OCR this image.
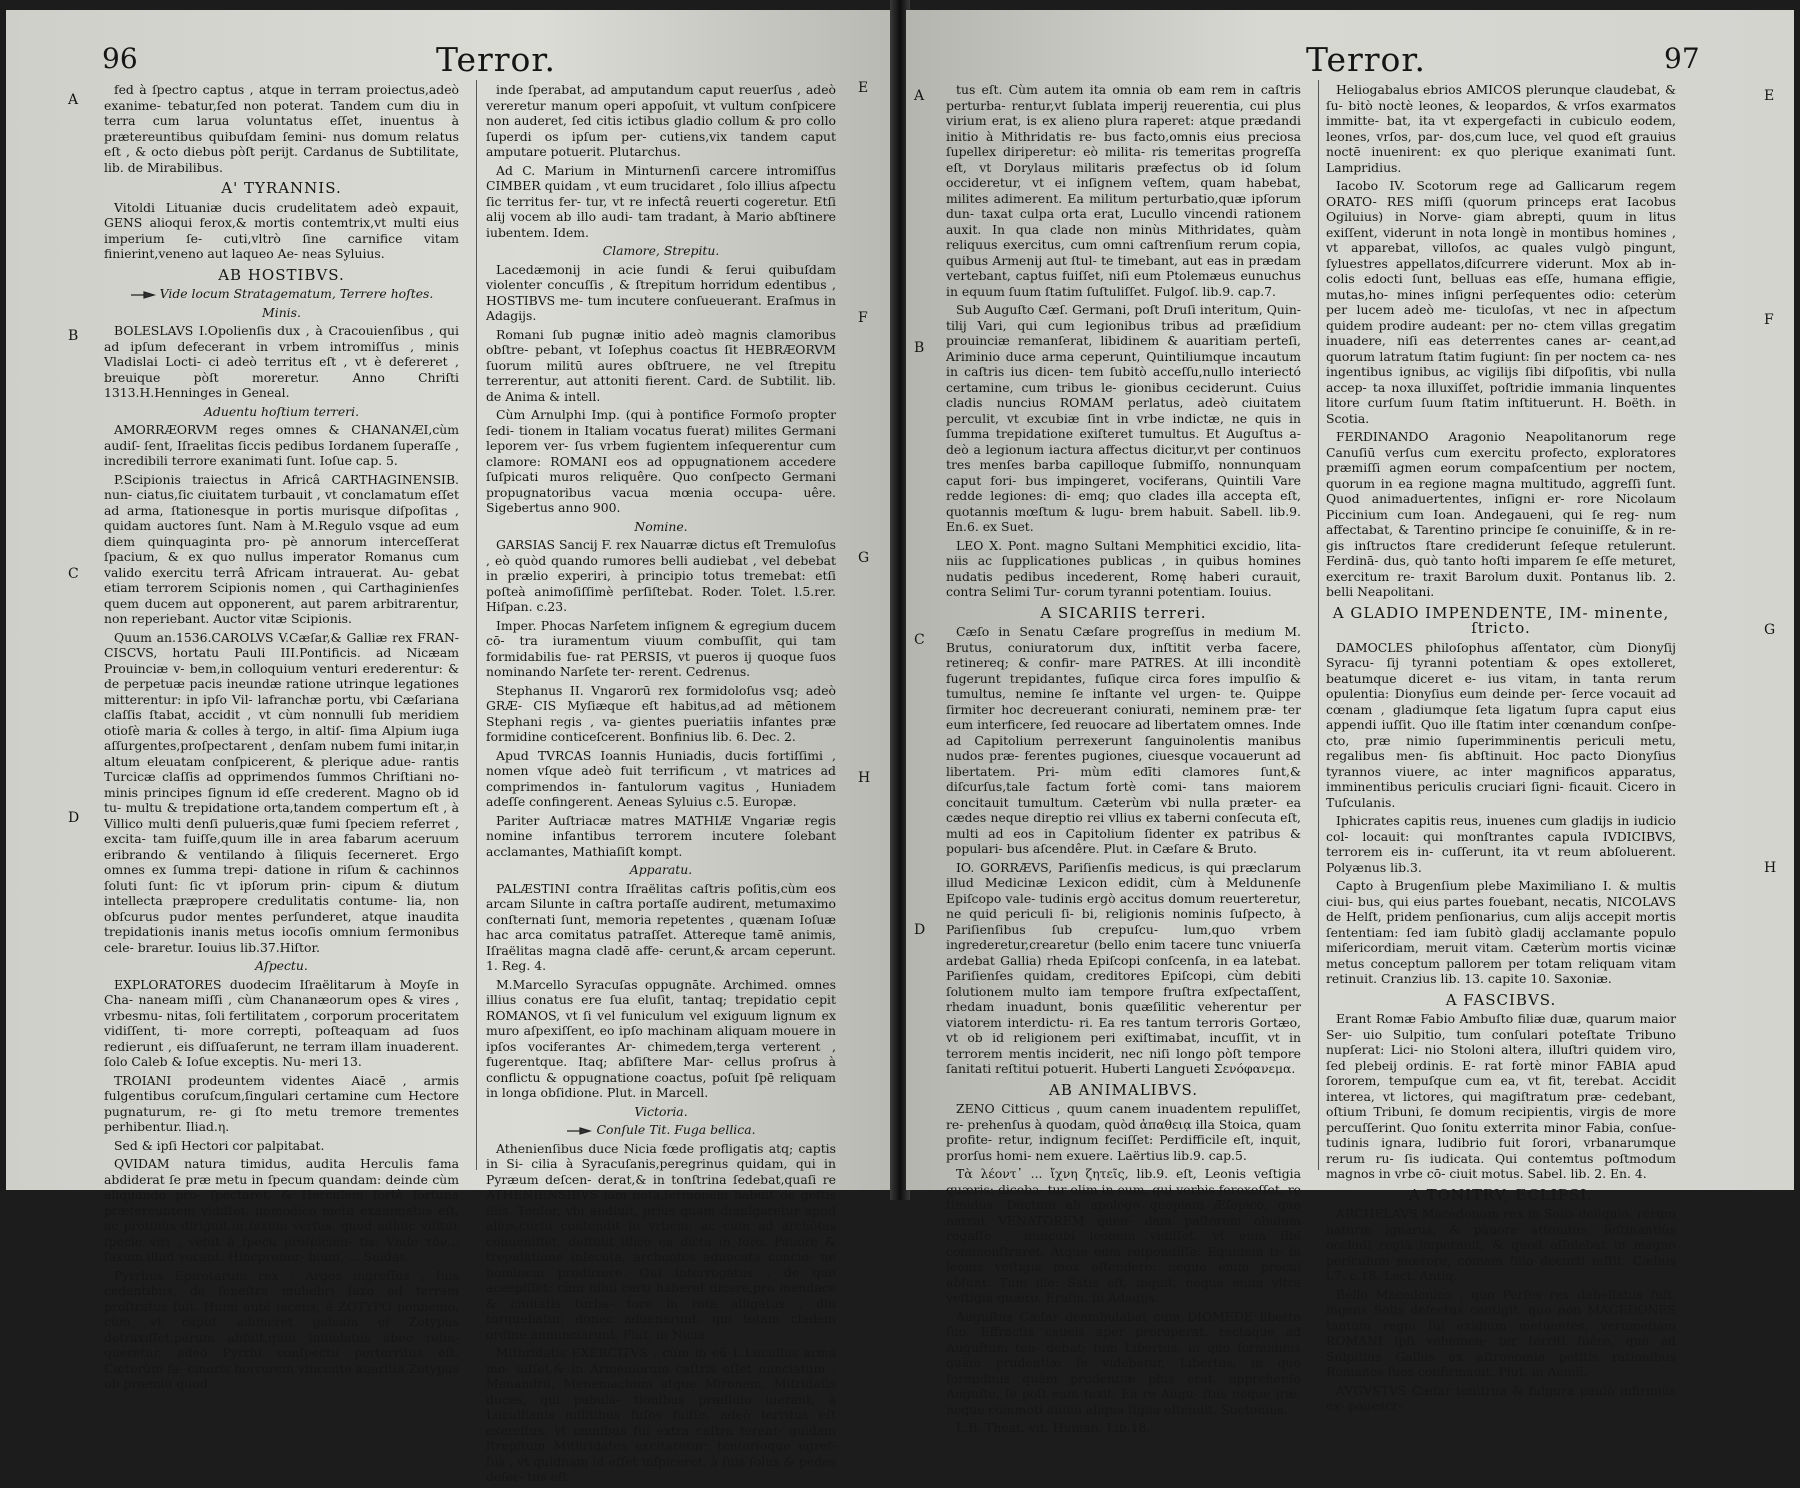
96	Terror.

fed à ſpectro captus , atque in terram proiectus,adeò exanime- tebatur,ſed non poterat. Tandem cum diu in terra cum larua voluntatus eſſet, inuentus à prætereuntibus quibuſdam ſemini- nus domum relatus eſt , & octo diebus pòſt perijt. Cardanus de Subtilitate, lib. de Mirabilibus.

A' TYRANNIS.

Vitoldi Lituaniæ ducis crudelitatem adeò expauit, GENS alioqui ferox,& mortis contemtrix,vt multi eius imperium ſe- cuti,vltrò ſine carnifice vitam finierint,veneno aut laqueo Ae- neas Syluius.

AB HOSTIBVS.
Vide locum Stratagematum, Terrere hoſtes.
Minis.

BOLESLAVS I.Opolienſis dux , à Cracouienſibus , qui ad ipſum defecerant in vrbem intromiſſus , minis Vladislai Locti- ci adeò territus eſt , vt è defereret , breuique pòſt moreretur. Anno Chriſti 1313.H.Henninges in Geneal.

Aduentu hoſtium terreri.

AMORRÆORVM reges omnes & CHANANÆI,cùm audiſ- ſent, Iſraelitas ſiccis pedibus Iordanem ſuperaſſe , incredibili terrore exanimati ſunt. Ioſue cap. 5.

P.Scipionis traiectus in Africâ CARTHAGINENSIB. nun- ciatus,ſic ciuitatem turbauit , vt conclamatum eſſet ad arma, ſtationesque in portis murisque diſpoſitas , quidam auctores ſunt. Nam à M.Regulo vsque ad eum diem quinquaginta pro- pè annorum interceſſerat ſpacium, & ex quo nullus imperator Romanus cum valido exercitu terrâ Africam intrauerat. Au- gebat etiam terrorem Scipionis nomen , qui Carthaginienſes quem ducem aut opponerent, aut parem arbitrarentur, non reperiebant. Auctor vitæ Scipionis.

Quum an.1536.CAROLVS V.Cæſar,& Galliæ rex FRAN- CISCVS, hortatu Pauli III.Pontificis. ad Nicæam Prouinciæ v- bem,in colloquium venturi erederentur: & de perpetuæ pacis ineundæ ratione utrinque legationes mitterentur: in ipſo Vil- lafranchæ portu, vbi Cæſariana claſſis ſtabat, accidit , vt cùm nonnulli ſub meridiem otioſè maria & colles à tergo, in altiſ- ſima Alpium iuga aſſurgentes,proſpectarent , denſam nubem fumi initar,in altum eleuatam conſpicerent, & plerique adue- rantis Turcicæ claſſis ad opprimendos ſummos Chriſtiani no- minis principes ſignum id eſſe crederent. Magno ob id tu- multu & trepidatione orta,tandem compertum eſt , à Villico multi denſi pulueris,quæ fumi ſpeciem referret , excita- tam fuiſſe,quum ille in area fabarum aceruum eribrando & ventilando à ſiliquis ſecerneret. Ergo omnes ex ſumma trepi- datione in riſum & cachinnos ſoluti ſunt: ſic vt ipſorum prin- cipum & diutum intellecta præpropere credulitatis contume- lia, non obſcurus pudor mentes perſunderet, atque inaudita trepidationis inanis metus iocoſis omnium ſermonibus cele- braretur. Iouius lib.37.Hiſtor.

Aſpectu.

EXPLORATORES duodecim Iſraëlitarum à Moyſe in Cha- naneam miſſi , cùm Chananæorum opes & vires , vrbesmu- nitas, ſoli fertilitatem , corporum proceritatem vidiſſent, ti- more correpti, poſteaquam ad ſuos redierunt , eis diſſuaſerunt, ne terram illam inuaderent. ſolo Caleb & Ioſue exceptis. Nu- meri 13.

TROIANI prodeuntem videntes Aiacē , armis fulgentibus coruſcum,ſingulari certamine cum Hectore pugnaturum, re- gi ſto metu tremore trementes perhibentur. Iliad.η.

Sed & ipſi Hectori cor palpitabat.

QVIDAM natura timidus, audita Herculis fama abdiderat ſe præ metu in ſpecum quandam: deinde cùm aliquando pro- ſpectaret, & Herculem fortè fortuna prætereuntem vidiſſet, immodico metu exanimatus eſt, ac protinùs diriguit,in ſaxum verſus, quod adhuc viſitur ſpecie viri , velut à ſpecu proſpicien- tis. Vnde τὸν... ſaxum illud vocant. Hincproner- bium, ... Suidas.

Pyrrhus Epirotarum rex , Argos ingreſſus , fuis cedentibus, de feneſtra muliebri ſaxo ad terram proſtratus fuit. Humi autë iacens, à ZOTYPO nonnemo, cùm vt caput adimeret galeam ei Zotypus detraxiſſet,parum abfuit,quin inuiolatus abeo relin- queretur, adeò Pyrrhi conſpectu perterritus eſt. Cæterùm fa- cinoris horrorem vincente auaritia,Zotypus ob præmiū quod

inde ſperabat, ad amputandum caput reuerſus , adeò vereretur manum operi appoſuit, vt vultum conſpicere non auderet, ſed citis ictibus gladio collum & pro collo ſuperdi os ipſum per- cutiens,vix tandem caput amputare potuerit. Plutarchus.

Ad C. Marium in Minturnenſi carcere intromiſſus CIMBER quidam , vt eum trucidaret , ſolo illius aſpectu ſic territus fer- tur, vt re infectâ reuerti cogeretur. Etſi alij vocem ab illo audi- tam tradant, à Mario abſtinere iubentem. Idem.

Clamore, Strepitu.

Lacedæmonij in acie ſundi & ſerui quibuſdam violenter concuſſis , & ſtrepitum horridum edentibus , HOSTIBVS me- tum incutere conſueuerant. Eraſmus in Adagijs.

Romani ſub pugnæ initio adeò magnis clamoribus obſtre- pebant, vt Ioſephus coactus ſit HEBRÆORVM ſuorum militū aures obſtruere, ne vel ſtrepitu terrerentur, aut attoniti fierent. Card. de Subtilit. lib. de Anima & intell.

Cùm Arnulphi Imp. (qui à pontifice Formoſo propter ſedi- tionem in Italiam vocatus fuerat) milites Germani leporem ver- ſus vrbem fugientem inſequerentur cum clamore: ROMANI eos ad oppugnationem accedere ſuſpicati muros reliquêre. Quo conſpecto Germani propugnatoribus vacua mœnia occupa- uêre. Sigebertus anno 900.

Nomine.

GARSIAS Sancij F. rex Nauarræ dictus eſt Tremuloſus , eò quòd quando rumores belli audiebat , vel debebat in prælio experiri, à principio totus tremebat: etſi poſteà animoſiſſimè perſiſtebat. Roder. Tolet. l.5.rer. Hiſpan. c.23.

Imper. Phocas Narſetem inſignem & egregium ducem cō- tra iuramentum viuum combuſſit, qui tam formidabilis fue- rat PERSIS, vt pueros ij quoque ſuos nominando Narſete ter- rerent. Cedrenus.

Stephanus II. Vngarorū rex formidoloſus vsq; adeò GRÆ- CIS Myſiæque eſt habitus,ad ad mētionem Stephani regis , va- gientes pueriatiis infantes præ formidine conticeſcerent. Bonfinius lib. 6. Dec. 2.

Apud TVRCAS Ioannis Huniadis, ducis fortiſſimi , nomen vſque adeò fuit terrificum , vt matrices ad comprimendos in- fantulorum vagitus , Huniadem adeſſe confingerent. Aeneas Syluius c.5. Europæ.

Pariter Auſtriacæ matres MATHIÆ Vngariæ regis nomine infantibus terrorem incutere ſolebant acclamantes, Mathiaſiſt kompt.

Apparatu.

PALÆSTINI contra Iſraëlitas caſtris poſitis,cùm eos arcam Silunte in caſtra portaſſe audirent, metumaximo conſternati ſunt, memoria repetentes , quænam Ioſuæ hac arca comitatus patraſſet. Attereque tamē animis, Iſraëlitas magna cladē affe- cerunt,& arcam ceperunt. 1. Reg. 4.

M.Marcello Syracuſas oppugnāte. Archimed. omnes illius conatus ere ſua eluſit, tantaq; trepidatio cepit ROMANOS, vt ſi vel funiculum vel exiguum lignum ex muro aſpexiſſent, eo ipſo machinam aliquam mouere in ipſos vociferantes Ar- chimedem,terga verterent , fugerentque. Itaq; abſiſtere Mar- cellus proſrus à conflictu & oppugnatione coactus, poſuit ſpē reliquam in longa obſidione. Plut. in Marcell.

Victoria.
Conſule Tit. Fuga bellica.

Athenienſibus duce Nicia fœde profligatis atq; captis in Si- cilia à Syracuſanis,peregrinus quidam, qui in Pyræum deſcen- derat,& in tonſtrina ſedebat,quaſi re ATHENIENSIBVS iam nota,ſermonem habuit de geſtis illis. Tonſor, vbi audiuit, priùs quàm diuulgaretur apud alios,curſu contendit in vrbem: ac cùm ad archōtas conueniſſet, deſtulit illico ea dicta in foro. Pauore & trepidatione inſecuta, archontes aduocata concio- ne hominem produxere. Qui interrogatus , de quo aceepiſſet: cùm nihil certi haberet dicere,pro mendace & ciuitatis turba- tore in rota alligatus , diu torquebatur, donec aduenerunt, qui totam cladem ordine annunciarunt. Plut. in Nicia.

Mithridatis EXERCITVS , cùm in eū L.Lucullus arma mo- uiſſet,& in Armeniorum caſtris eſſet nunciatum , Menandrū, Menemachum atque Mironem, Mitridatis duces, qui pabula- tionibus præſidio iuerant, à Lucullianis militibus fuſos fuiſſe, adeò territus eſt exercitus, vt omnibus fui extra caſtra ferent- quidam ſtrepitum Mithridates excitaretur: tentorioque egreſ- ſus , vt quidnam id eſſet inſpiceret, à ſuis ſolus & pedes deſer- tus eſt.

A
B
C
D
E
F
G
H
Terror.	97

tus eſt. Cùm autem ita omnia ob eam rem in caſtris perturba- rentur,vt ſublata imperij reuerentia, cui plus virium erat, is ex alieno plura raperet: atque prædandi initio à Mithridatis re- bus facto,omnis eius preciosa ſupellex diriperetur: eò milita- ris temeritas progreſſa eſt, vt Dorylaus militaris præfectus ob id ſolum occideretur, vt ei inſignem veſtem, quam habebat, milites adimerent. Ea militum perturbatio,quæ ipſorum dun- taxat culpa orta erat, Lucullo vincendi rationem auxit. In qua clade non minùs Mithridates, quàm reliquus exercitus, cum omni caſtrenſium rerum copia, quibus Armenij aut ſtul- te timebant, aut eas in prædam vertebant, captus fuiſſet, niſi eum Ptolemæus eunuchus in equum ſuum ſtatim ſuſtuliſſet. Fulgoſ. lib.9. cap.7.

Sub Auguſto Cæſ. Germani, poſt Druſi interitum, Quin- tilij Vari, qui cum legionibus tribus ad præſidium prouinciæ remanſerat, libidinem & auaritiam perteſi, Ariminio duce arma ceperunt, Quintiliumque incautum in caſtris ius dicen- tem ſubitò acceſſu,nullo interiectó certamine, cum tribus le- gionibus ceciderunt. Cuius cladis nuncius ROMAM perlatus, adeò ciuitatem perculit, vt excubiæ ſint in vrbe indictæ, ne quis in ſumma trepidatione exiſteret tumultus. Et Auguſtus a- deò a legionum iactura affectus dicitur,vt per continuos tres menſes barba capilloque ſubmiſſo, nonnunquam caput fori- bus impingeret, vociferans, Quintili Vare redde legiones: di- emq; quo clades illa accepta eſt, quotannis mœſtum & lugu- brem habuit. Sabell. lib.9. En.6. ex Suet.

LEO X. Pont. magno Sultani Memphitici excidio, lita- niis ac ſupplicationes publicas , in quibus homines nudatis pedibus incederent, Romę haberi curauit, contra Selimi Tur- corum tyranni potentiam. Iouius.

A SICARIIS terreri.

Cæſo in Senatu Cæſare progreſſus in medium M. Brutus, coniuratorum dux, inſtitit verba facere, retinereq; & confir- mare PATRES. At illi inconditè fugerunt trepidantes, fuſique circa fores impulſio & tumultus, nemine ſe inſtante vel urgen- te. Quippe ſirmiter hoc decreuerant coniurati, neminem præ- ter eum interficere, ſed reuocare ad libertatem omnes. Inde ad Capitolium perrexerunt ſanguinolentis manibus nudos præ- ferentes pugiones, ciuesque vocauerunt ad libertatem. Pri- mùm edīti clamores ſunt,& diſcurſus,tale factum fortè comi- tans maiorem concitauit tumultum. Cæterùm vbi nulla præter- ea cædes neque direptio rei vllius ex taberni conſecuta eſt, multi ad eos in Capitolium ſidenter ex patribus & populari- bus aſcendêre. Plut. in Cæſare & Bruto.

IO. GORRÆVS, Pariſienſis medicus, is qui præclarum illud Medicinæ Lexicon edidit, cùm à Meldunenſe Epiſcopo vale- tudinis ergò accitus domum reuerteretur, ne quid periculi ſi- bi, religionis nominis ſuſpecto, à Pariſienſibus ſub crepuſcu- lum,quo vrbem ingrederetur,crearetur (bello enim tacere tunc vniuerſa ardebat Gallia) rheda Epiſcopi conſcenſa, in ea latebat. Pariſienſes quidam, creditores Epiſcopi, cùm debiti ſolutionem multo iam tempore fruſtra exſpectaſſent, rhedam inuadunt, bonis quæſilitic veherentur per viatorem interdictu- ri. Ea res tantum terroris Gortæo, vt ob id religionem peri exiſtimabat, incuſſit, vt in terrorem mentis inciderit, nec niſi longo pòſt tempore ſanitati reſtitui potuerit. Huberti Langueti Σενόφανεμα.

AB ANIMALIBVS.

ZENO Citticus , quum canem inuadentem repuliſſet, re- prehenſus à quodam, quòd ἀπαθειᾳ illa Stoica, quam profite- retur, indignum feciſſet: Perdifficile eſt, inquit, prorſus homi- nem exuere. Laërtius lib.9. cap.5.

Τὰ λέοντ᾽ ... ἴχνη ζητεῖς, lib.9. eſt, Leonis veſtigia quæris: diceba- tur olim in eum, qui verbis feroxeſſet, re timidus. Ductum ab apologo quopiam Æſopico, quo narrat VENATOREM quen- dam paſtorem obuium rogaſſe , nuncubi leonem vidiſſet, vt eum ſibi commonſtraret. Atque eum reſpondiſſe: Equidem ti- bi leonis veſtigia mox oſtendero: neque enim procul abſunt. Tum ille: Satis eſt, inquit, neque enim vltra veſtigia quæro. Eraſm. in Adagijs.

Auguſtus Cæſar deambulabat cum DIOMEDE liberto ſuo. Effractis caueis aper proruperat, rectaque ad Auguſtum ten- debat; tum Libertus, in quo formidinis quàm prudentiæ ſe videbatur, Libertus, in quo formidinis quàm prudentiæ plus erat, apprehenſo Auguſto, ſe poſt eum texit. Ea re Augu- ſtus neque iræ, neque commoti animi aliqua ſigna oſtendit. Suetonius.

L.B. Theat. vit. Human. Lib.18.

Heliogabalus ebrios AMICOS plerunque claudebat, & ſu- bitò noctè leones, & leopardos, & vrſos exarmatos immitte- bat, ita vt expergefacti in cubiculo eodem, leones, vrſos, par- dos,cum luce, vel quod eſt grauius noctē inuenirent: ex quo plerique exanimati ſunt. Lampridius.

Iacobo IV. Scotorum rege ad Gallicarum regem ORATO- RES miſſi (quorum princeps erat Iacobus Ogiluius) in Norve- giam abrepti, quum in litus exiſſent, viderunt in nota longè in montibus homines , vt apparebat, villoſos, ac quales vulgò pingunt, ſyluestres appellatos,diſcurrere viderunt. Mox ab in- colis edocti ſunt, belluas eas eſſe, humana effigie, mutas,ho- mines inſigni perſequentes odio: ceterùm per lucem adeò me- ticuloſas, vt nec in aſpectum quidem prodire audeant: per no- ctem villas gregatim inuadere, niſi eas deterrentes canes ar- ceant,ad quorum latratum ſtatim fugiunt: ſin per noctem ca- nes ingentibus ignibus, ac vigilijs ſibi diſpoſitis, vbi nulla accep- ta noxa illuxiſſet, poſtridie immania linquentes litore curſum ſuum ſtatim inſtituerunt. H. Boëth. in Scotia.

FERDINANDO Aragonio Neapolitanorum rege Canuſiū verſus cum exercitu profecto, exploratores præmiſſi agmen eorum compaſcentium per noctem, quorum in ea regione magna multitudo, aggreſſi ſunt. Quod animaduertentes, inſigni er- rore Nicolaum Piccinium cum Ioan. Andegaueni, qui ſe reg- num affectabat, & Tarentino principe ſe conuiniſſe, & in re- gis inſtructos ſtare crediderunt ſeſeque retulerunt. Ferdinā- dus, quò tanto hoſti imparem ſe eſſe meturet, exercitum re- traxit Barolum duxit. Pontanus lib. 2. belli Neapolitani.

A GLADIO IMPENDENTE, IM- minente, ſtricto.

DAMOCLES philoſophus aſſentator, cùm Dionyſij Syracu- ſij tyranni potentiam & opes extolleret, beatumque diceret e- ius vitam, in tanta rerum opulentia: Dionyſius eum deinde per- ſerce vocauit ad cœnam , gladiumque ſeta ligatum ſupra caput eius appendi iuſſit. Quo ille ſtatim inter cœnandum conſpe- cto, præ nimio ſuperimminentis periculi metu, regalibus men- ſis abſtinuit. Hoc pacto Dionyſius tyrannos viuere, ac inter magnificos apparatus, imminentibus periculis cruciari ſigni- ficauit. Cicero in Tuſculanis.

Iphicrates capitis reus, inuenes cum gladijs in iudicio col- locauit: qui monſtrantes capula IVDICIBVS, terrorem eis in- cuſſerunt, ita vt reum abſoluerent. Polyænus lib.3.

Capto à Brugenſium plebe Maximiliano I. & multis ciui- bus, qui eius partes fouebant, necatis, NICOLAVS de Helſt, pridem penſionarius, cum alijs accepit mortis ſententiam: ſed iam ſubitò gladij acclamante populo miſericordiam, meruit vitam. Cæterùm mortis vicinæ metus conceptum pallorem per totam reliquam vitam retinuit. Cranzius lib. 13. capite 10. Saxoniæ.

A FASCIBVS.

Erant Romæ Fabio Ambuſto filiæ duæ, quarum maior Ser- uio Sulpitio, tum conſulari poteſtate Tribuno nupſerat: Lici- nio Stoloni altera, illuſtri quidem viro, ſed plebeij ordinis. E- rat fortè minor FABIA apud ſororem, tempuſque cum ea, vt fit, terebat. Accidit interea, vt lictores, qui magiſtratum præ- cedebant, oſtium Tribuni, ſe domum recipientis, virgis de more percuſſerint. Quo ſonitu exterrita minor Fabia, conſue- tudinis ignara, ludibrio fuit ſorori, vrbanarumque rerum ru- ſis iudicata. Qui contemtus poſtmodum magnos in vrbe cō- ciuit motus. Sabel. lib. 2. En. 4.

A TONITRV, ECLIPSI.

ARCHELAVS Macedonum rex in Solis deliquio, rerum naturæ ignarus, & pauore attonitus, feſtinantiùs occludi regiā imperauit, & quod aſſolebat in magno periculum mœrore, comam filio decurti iuſſit. Cælius l.7. c.18. Lect. Antiq.

Bello Macedonico , quo Perſes rex debellatus fuit, ingens Solis defectus contigit, quo non MACEDONES tantum regni ſui exidium metuentes, verumetiam ROMANI ipſi vehemen- ter territi fuêre, quo ad Sulpitius Gallus ex aſtronomia petitis rationibus Romanos ſuos confirmauit. Plut. in Aemil.

AVGVSTVS Cæſar tonitrua & fulgura paulò infirmiùs ex- pauescr-

A
B
C
D
E
F
G
H
